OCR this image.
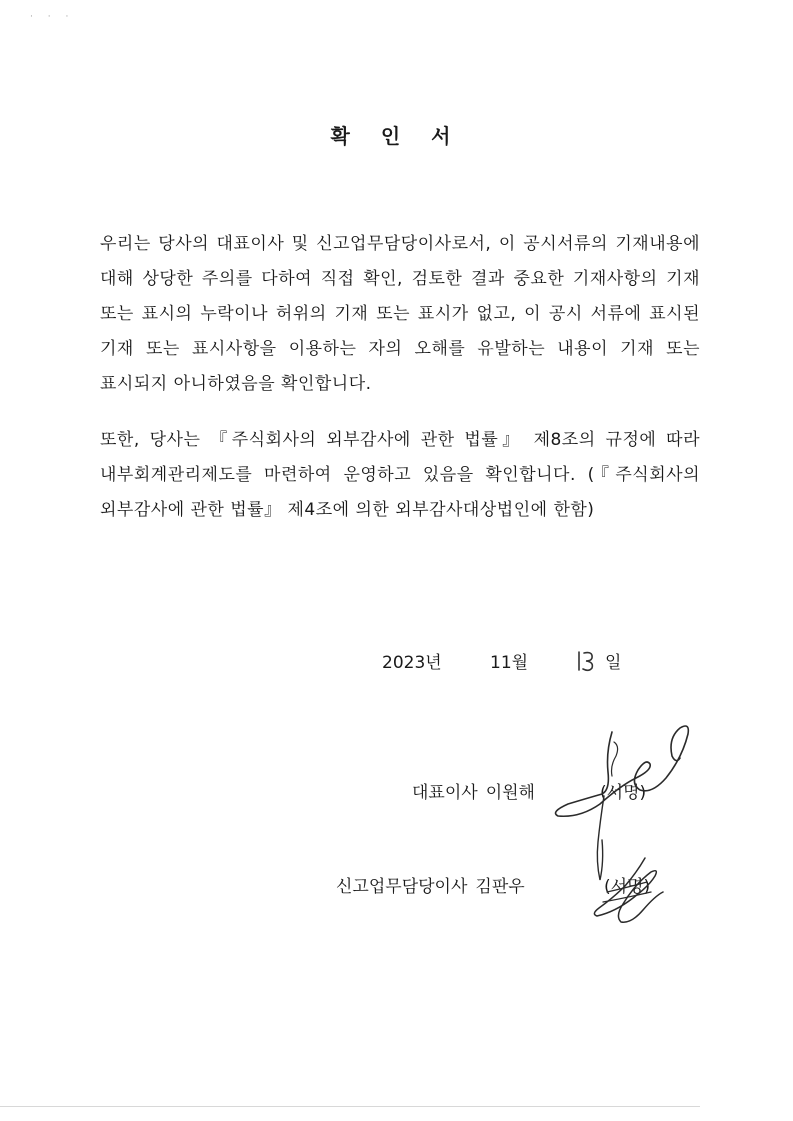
· · ·
확 인 서
우리는 당사의 대표이사 및 신고업무담당이사로서, 이 공시서류의 기재내용에 대해 상당한 주의를 다하여 직접 확인, 검토한 결과 중요한 기재사항의 기재 또는 표시의 누락이나 허위의 기재 또는 표시가 없고, 이 공시 서류에 표시된 기재 또는 표시사항을 이용하는 자의 오해를 유발하는 내용이 기재 또는 표시되지 아니하였음을 확인합니다.
또한, 당사는 『주식회사의 외부감사에 관한 법률』 제8조의 규정에 따라 내부회계관리제도를 마련하여 운영하고 있음을 확인합니다. (『주식회사의 외부감사에 관한 법률』 제4조에 의한 외부감사대상법인에 한함)
2023년	11월	일
대표이사 이원해	(서명)
신고업무담당이사 김판우	(서명)
